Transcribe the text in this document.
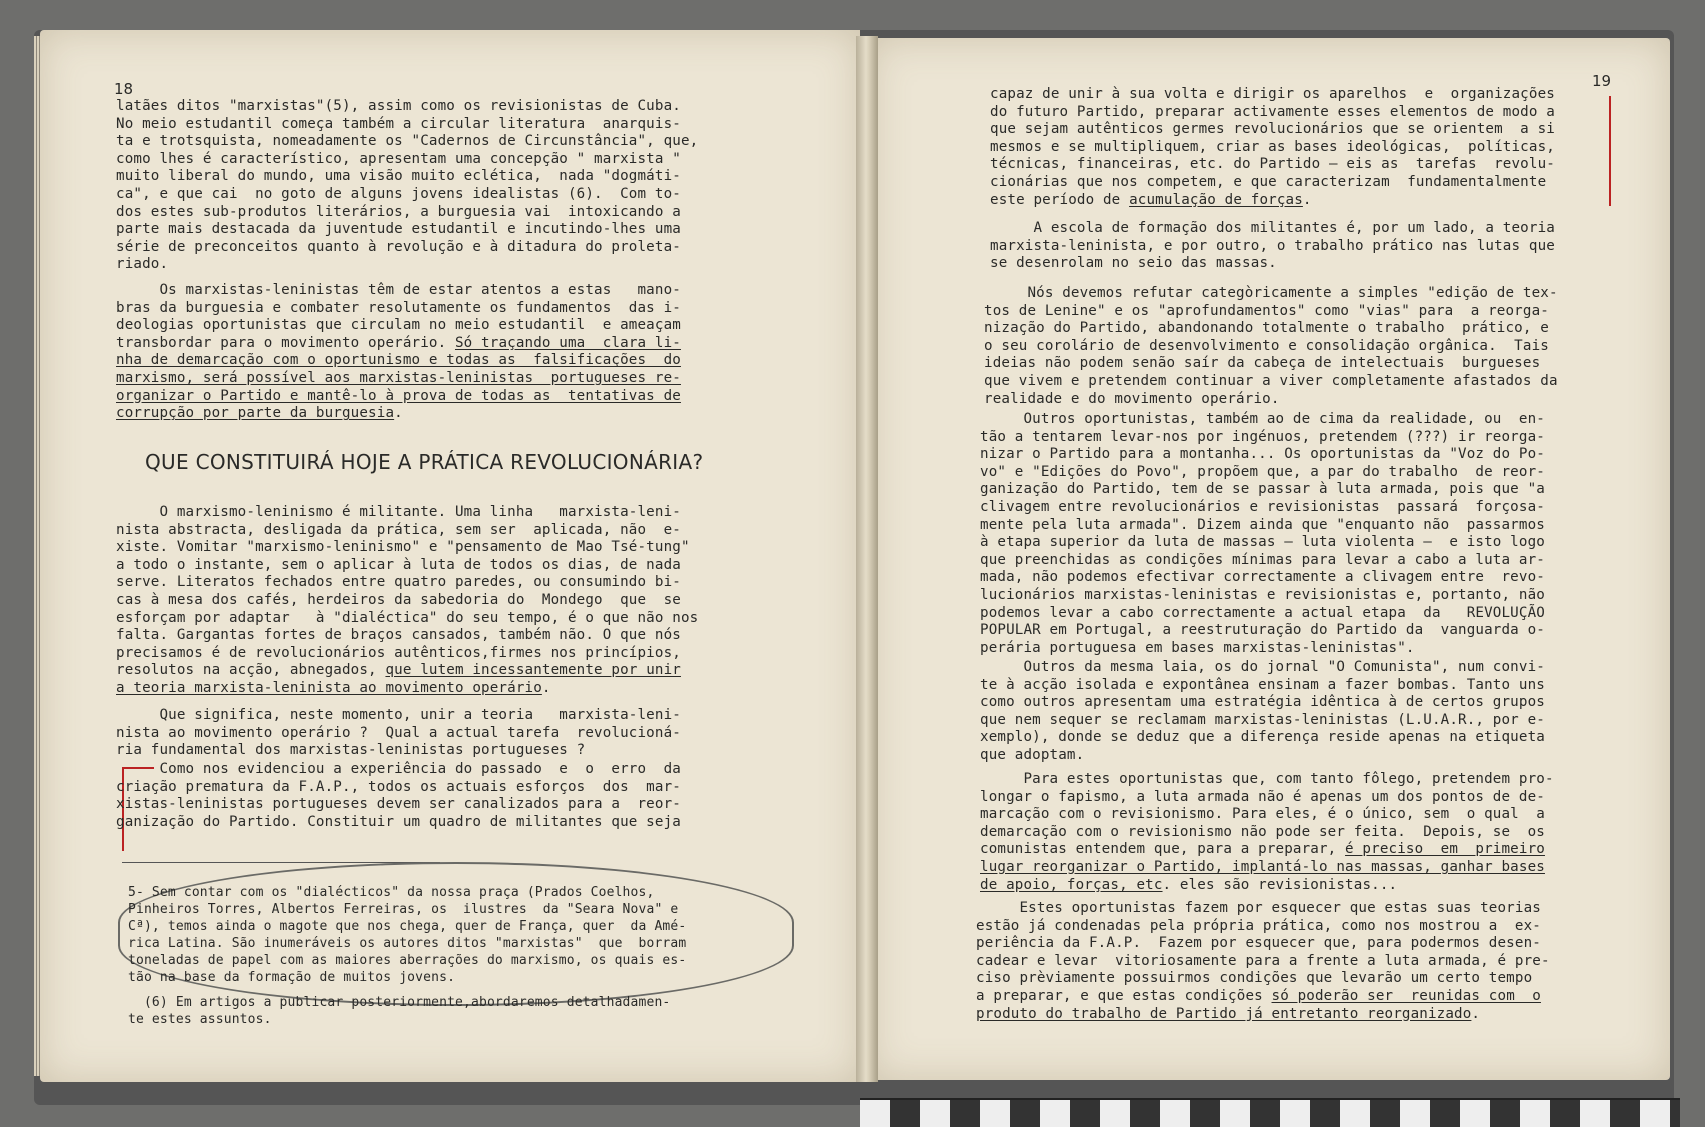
18
latães ditos "marxistas"(5), assim como os revisionistas de Cuba.
No meio estudantil começa também a circular literatura  anarquis-
ta e trotsquista, nomeadamente os "Cadernos de Circunstância", que,
como lhes é característico, apresentam uma concepção " marxista "
muito liberal do mundo, uma visão muito eclética,  nada "dogmáti-
ca", e que cai  no goto de alguns jovens idealistas (6).  Com to-
dos estes sub-produtos literários, a burguesia vai  intoxicando a
parte mais destacada da juventude estudantil e incutindo-lhes uma
série de preconceitos quanto à revolução e à ditadura do proleta-
riado.
Os marxistas-leninistas têm de estar atentos a estas   mano-
bras da burguesia e combater resolutamente os fundamentos  das i-
deologias oportunistas que circulam no meio estudantil  e ameaçam
transbordar para o movimento operário. Só traçando uma  clara li-
nha de demarcação com o oportunismo e todas as  falsificações  do
marxismo, será possível aos marxistas-leninistas  portugueses re-
organizar o Partido e mantê-lo à prova de todas as  tentativas de
corrupção por parte da burguesia.
QUE CONSTITUIRÁ HOJE A PRÁTICA REVOLUCIONÁRIA?
O marxismo-leninismo é militante. Uma linha   marxista-leni-
nista abstracta, desligada da prática, sem ser  aplicada, não  e-
xiste. Vomitar "marxismo-leninismo" e "pensamento de Mao Tsé-tung"
a todo o instante, sem o aplicar à luta de todos os dias, de nada
serve. Literatos fechados entre quatro paredes, ou consumindo bi-
cas à mesa dos cafés, herdeiros da sabedoria do  Mondego  que  se
esforçam por adaptar   à "dialéctica" do seu tempo, é o que não nos
falta. Gargantas fortes de braços cansados, também não. O que nós
precisamos é de revolucionários autênticos,firmes nos princípios,
resolutos na acção, abnegados, que lutem incessantemente por unir
a teoria marxista-leninista ao movimento operário.
Que significa, neste momento, unir a teoria   marxista-leni-
nista ao movimento operário ?  Qual a actual tarefa  revolucioná-
ria fundamental dos marxistas-leninistas portugueses ?
Como nos evidenciou a experiência do passado  e  o  erro  da
criação prematura da F.A.P., todos os actuais esforços  dos  mar-
xistas-leninistas portugueses devem ser canalizados para a  reor-
ganização do Partido. Constituir um quadro de militantes que seja
5- Sem contar com os "dialécticos" da nossa praça (Prados Coelhos,
Pinheiros Torres, Albertos Ferreiras, os  ilustres  da "Seara Nova" e
Cª), temos ainda o magote que nos chega, quer de França, quer  da Amé-
rica Latina. São inumeráveis os autores ditos "marxistas"  que  borram
toneladas de papel com as maiores aberrações do marxismo, os quais es-
tão na base da formação de muitos jovens.
(6) Em artigos a publicar posteriormente,abordaremos detalhadamen-
te estes assuntos.
19
capaz de unir à sua volta e dirigir os aparelhos  e  organizações
do futuro Partido, preparar activamente esses elementos de modo a
que sejam autênticos germes revolucionários que se orientem  a si
mesmos e se multipliquem, criar as bases ideológicas,  políticas,
técnicas, financeiras, etc. do Partido — eis as  tarefas  revolu-
cionárias que nos competem, e que caracterizam  fundamentalmente
este período de acumulação de forças.
A escola de formação dos militantes é, por um lado, a teoria
marxista-leninista, e por outro, o trabalho prático nas lutas que
se desenrolam no seio das massas.
Nós devemos refutar categòricamente a simples "edição de tex-
tos de Lenine" e os "aprofundamentos" como "vias" para  a reorga-
nização do Partido, abandonando totalmente o trabalho  prático, e
o seu corolário de desenvolvimento e consolidação orgânica.  Tais
ideias não podem senão saír da cabeça de intelectuais  burgueses
que vivem e pretendem continuar a viver completamente afastados da
realidade e do movimento operário.
Outros oportunistas, também ao de cima da realidade, ou  en-
tão a tentarem levar-nos por ingénuos, pretendem (???) ir reorga-
nizar o Partido para a montanha... Os oportunistas da "Voz do Po-
vo" e "Edições do Povo", propõem que, a par do trabalho  de reor-
ganização do Partido, tem de se passar à luta armada, pois que "a
clivagem entre revolucionários e revisionistas  passará  forçosa-
mente pela luta armada". Dizem ainda que "enquanto não  passarmos
à etapa superior da luta de massas — luta violenta —  e isto logo
que preenchidas as condições mínimas para levar a cabo a luta ar-
mada, não podemos efectivar correctamente a clivagem entre  revo-
lucionários marxistas-leninistas e revisionistas e, portanto, não
podemos levar a cabo correctamente a actual etapa  da   REVOLUÇÃO
POPULAR em Portugal, a reestruturação do Partido da  vanguarda o-
perária portuguesa em bases marxistas-leninistas".
Outros da mesma laia, os do jornal "O Comunista", num convi-
te à acção isolada e expontânea ensinam a fazer bombas. Tanto uns
como outros apresentam uma estratégia idêntica à de certos grupos
que nem sequer se reclamam marxistas-leninistas (L.U.A.R., por e-
xemplo), donde se deduz que a diferença reside apenas na etiqueta
que adoptam.
Para estes oportunistas que, com tanto fôlego, pretendem pro-
longar o fapismo, a luta armada não é apenas um dos pontos de de-
marcação com o revisionismo. Para eles, é o único, sem  o qual  a
demarcação com o revisionismo não pode ser feita.  Depois, se  os
comunistas entendem que, para a preparar, é preciso  em  primeiro
lugar reorganizar o Partido, implantá-lo nas massas, ganhar bases
de apoio, forças, etc. eles são revisionistas...
Estes oportunistas fazem por esquecer que estas suas teorias
estão já condenadas pela própria prática, como nos mostrou a  ex-
periência da F.A.P.  Fazem por esquecer que, para podermos desen-
cadear e levar  vitoriosamente para a frente a luta armada, é pre-
ciso prèviamente possuirmos condições que levarão um certo tempo
a preparar, e que estas condições só poderão ser  reunidas com  o
produto do trabalho de Partido já entretanto reorganizado.
